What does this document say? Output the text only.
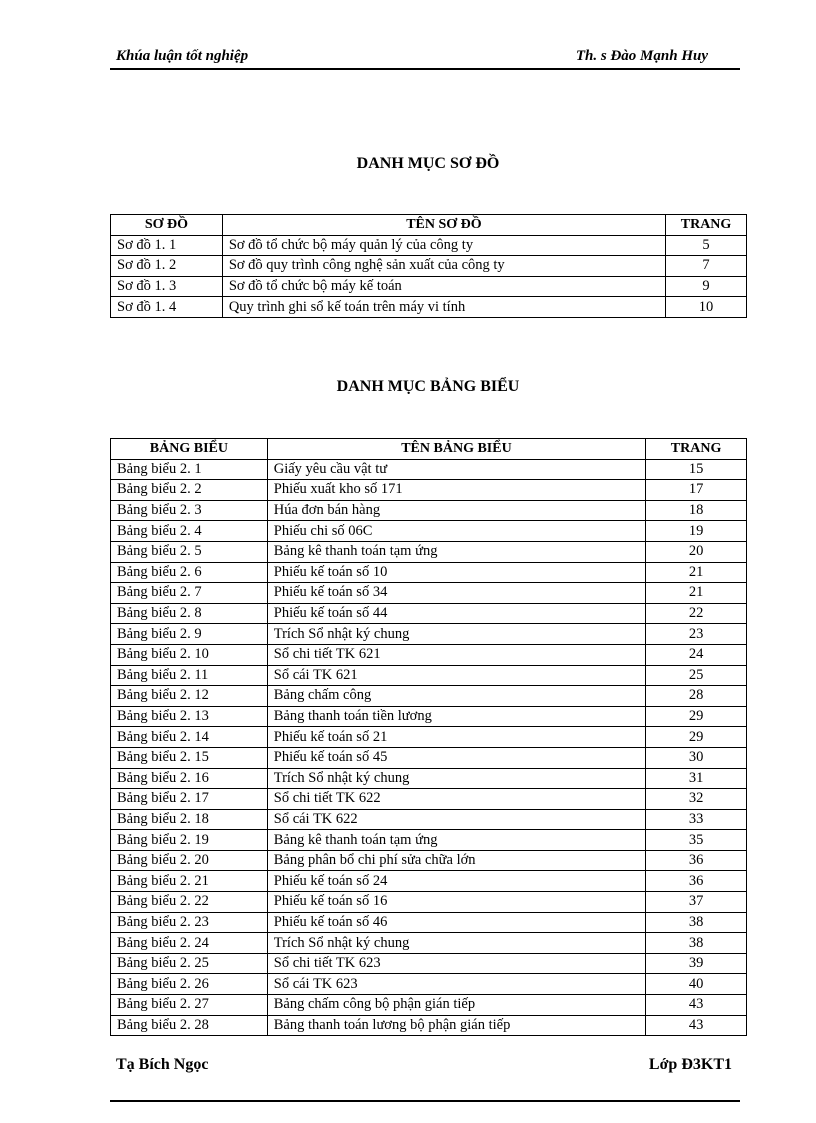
Khúa luận tốt nghiệp	Th. s Đào Mạnh Huy
DANH MỤC SƠ ĐỒ
SƠ ĐỒ	TÊN SƠ ĐỒ	TRANG
Sơ đồ 1. 1	Sơ đồ tổ chức bộ máy quản lý của công ty	5
Sơ đồ 1. 2	Sơ đồ quy trình công nghệ sản xuất của công ty	7
Sơ đồ 1. 3	Sơ đồ tổ chức bộ máy kế toán	9
Sơ đồ 1. 4	Quy trình ghi sổ kế toán trên máy vi tính	10
DANH MỤC BẢNG BIỂU
BẢNG BIỂU	TÊN BẢNG BIỂU	TRANG
Bảng biểu 2. 1	Giấy yêu cầu vật tư	15
Bảng biểu 2. 2	Phiếu xuất kho số 171	17
Bảng biểu 2. 3	Húa đơn bán hàng	18
Bảng biểu 2. 4	Phiếu chi số 06C	19
Bảng biểu 2. 5	Bảng kê thanh toán tạm ứng	20
Bảng biểu 2. 6	Phiếu kế toán số 10	21
Bảng biểu 2. 7	Phiếu kế toán số 34	21
Bảng biểu 2. 8	Phiếu kế toán số 44	22
Bảng biểu 2. 9	Trích Sổ nhật ký chung	23
Bảng biểu 2. 10	Sổ chi tiết TK 621	24
Bảng biểu 2. 11	Sổ cái TK 621	25
Bảng biểu 2. 12	Bảng chấm công	28
Bảng biểu 2. 13	Bảng thanh toán tiền lương	29
Bảng biểu 2. 14	Phiếu kế toán số 21	29
Bảng biểu 2. 15	Phiếu kế toán số 45	30
Bảng biểu 2. 16	Trích Sổ nhật ký chung	31
Bảng biểu 2. 17	Sổ chi tiết TK 622	32
Bảng biểu 2. 18	Sổ cái TK 622	33
Bảng biểu 2. 19	Bảng kê thanh toán tạm ứng	35
Bảng biểu 2. 20	Bảng phân bổ chi phí sửa chữa lớn	36
Bảng biểu 2. 21	Phiếu kế toán số 24	36
Bảng biểu 2. 22	Phiếu kế toán số 16	37
Bảng biểu 2. 23	Phiếu kế toán số 46	38
Bảng biểu 2. 24	Trích Sổ nhật ký chung	38
Bảng biểu 2. 25	Sổ chi tiết TK 623	39
Bảng biểu 2. 26	Sổ cái TK 623	40
Bảng biểu 2. 27	Bảng chấm công bộ phận gián tiếp	43
Bảng biểu 2. 28	Bảng thanh toán lương bộ phận gián tiếp	43
Tạ Bích Ngọc	Lớp Đ3KT1
